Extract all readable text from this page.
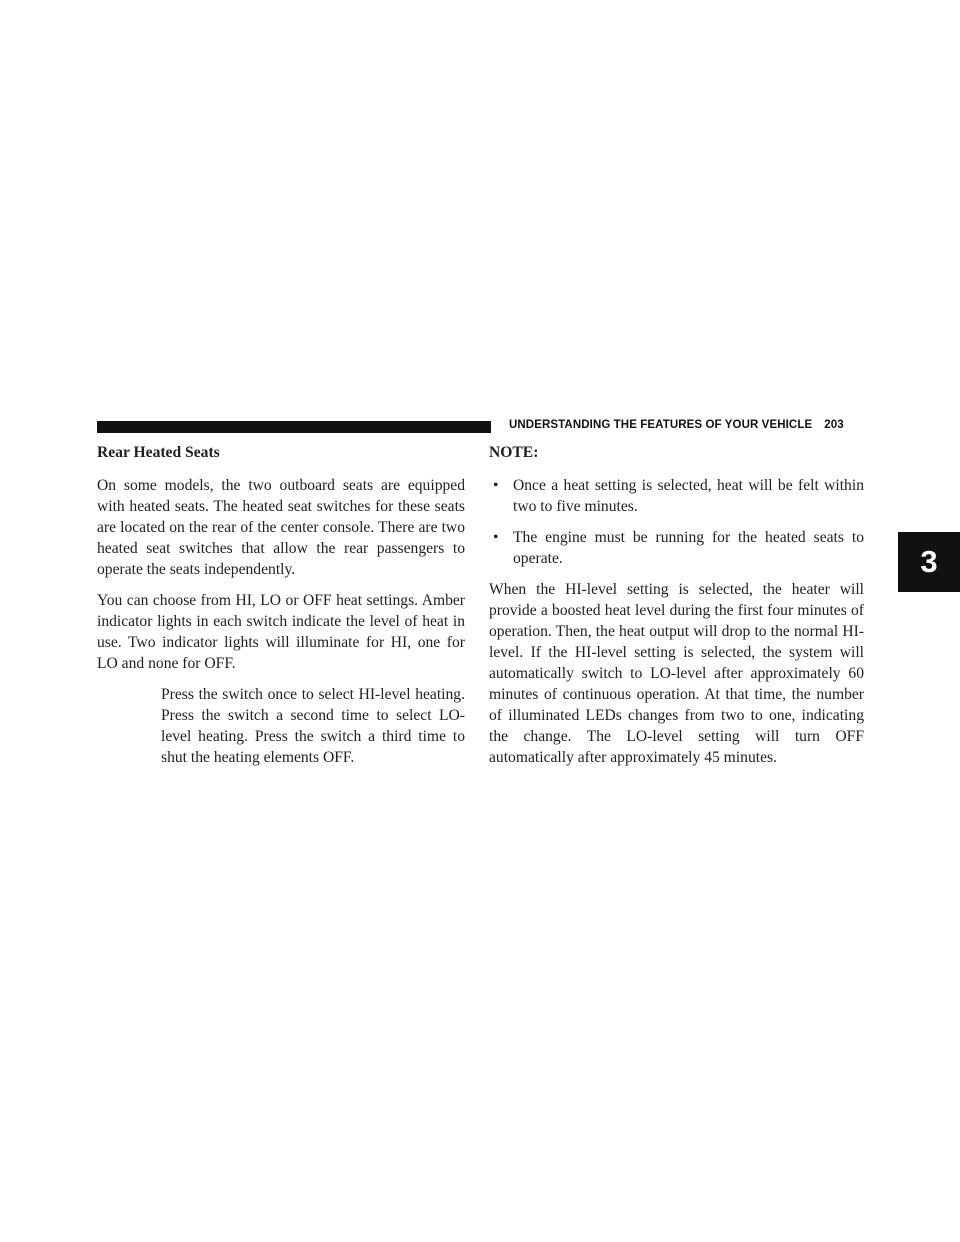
UNDERSTANDING THE FEATURES OF YOUR VEHICLE 203
3
Rear Heated Seats

On some models, the two outboard seats are equipped with heated seats. The heated seat switches for these seats are located on the rear of the center console. There are two heated seat switches that allow the rear passengers to operate the seats independently.

You can choose from HI, LO or OFF heat settings. Amber indicator lights in each switch indicate the level of heat in use. Two indicator lights will illuminate for HI, one for LO and none for OFF.

Press the switch once to select HI-level heating. Press the switch a second time to select LO-level heating. Press the switch a third time to shut the heating elements OFF.

NOTE:
• Once a heat setting is selected, heat will be felt within two to five minutes.
• The engine must be running for the heated seats to operate.

When the HI-level setting is selected, the heater will provide a boosted heat level during the first four minutes of operation. Then, the heat output will drop to the normal HI-level. If the HI-level setting is selected, the system will automatically switch to LO-level after approximately 60 minutes of continuous operation. At that time, the number of illuminated LEDs changes from two to one, indicating the change. The LO-level setting will turn OFF automatically after approximately 45 minutes.
